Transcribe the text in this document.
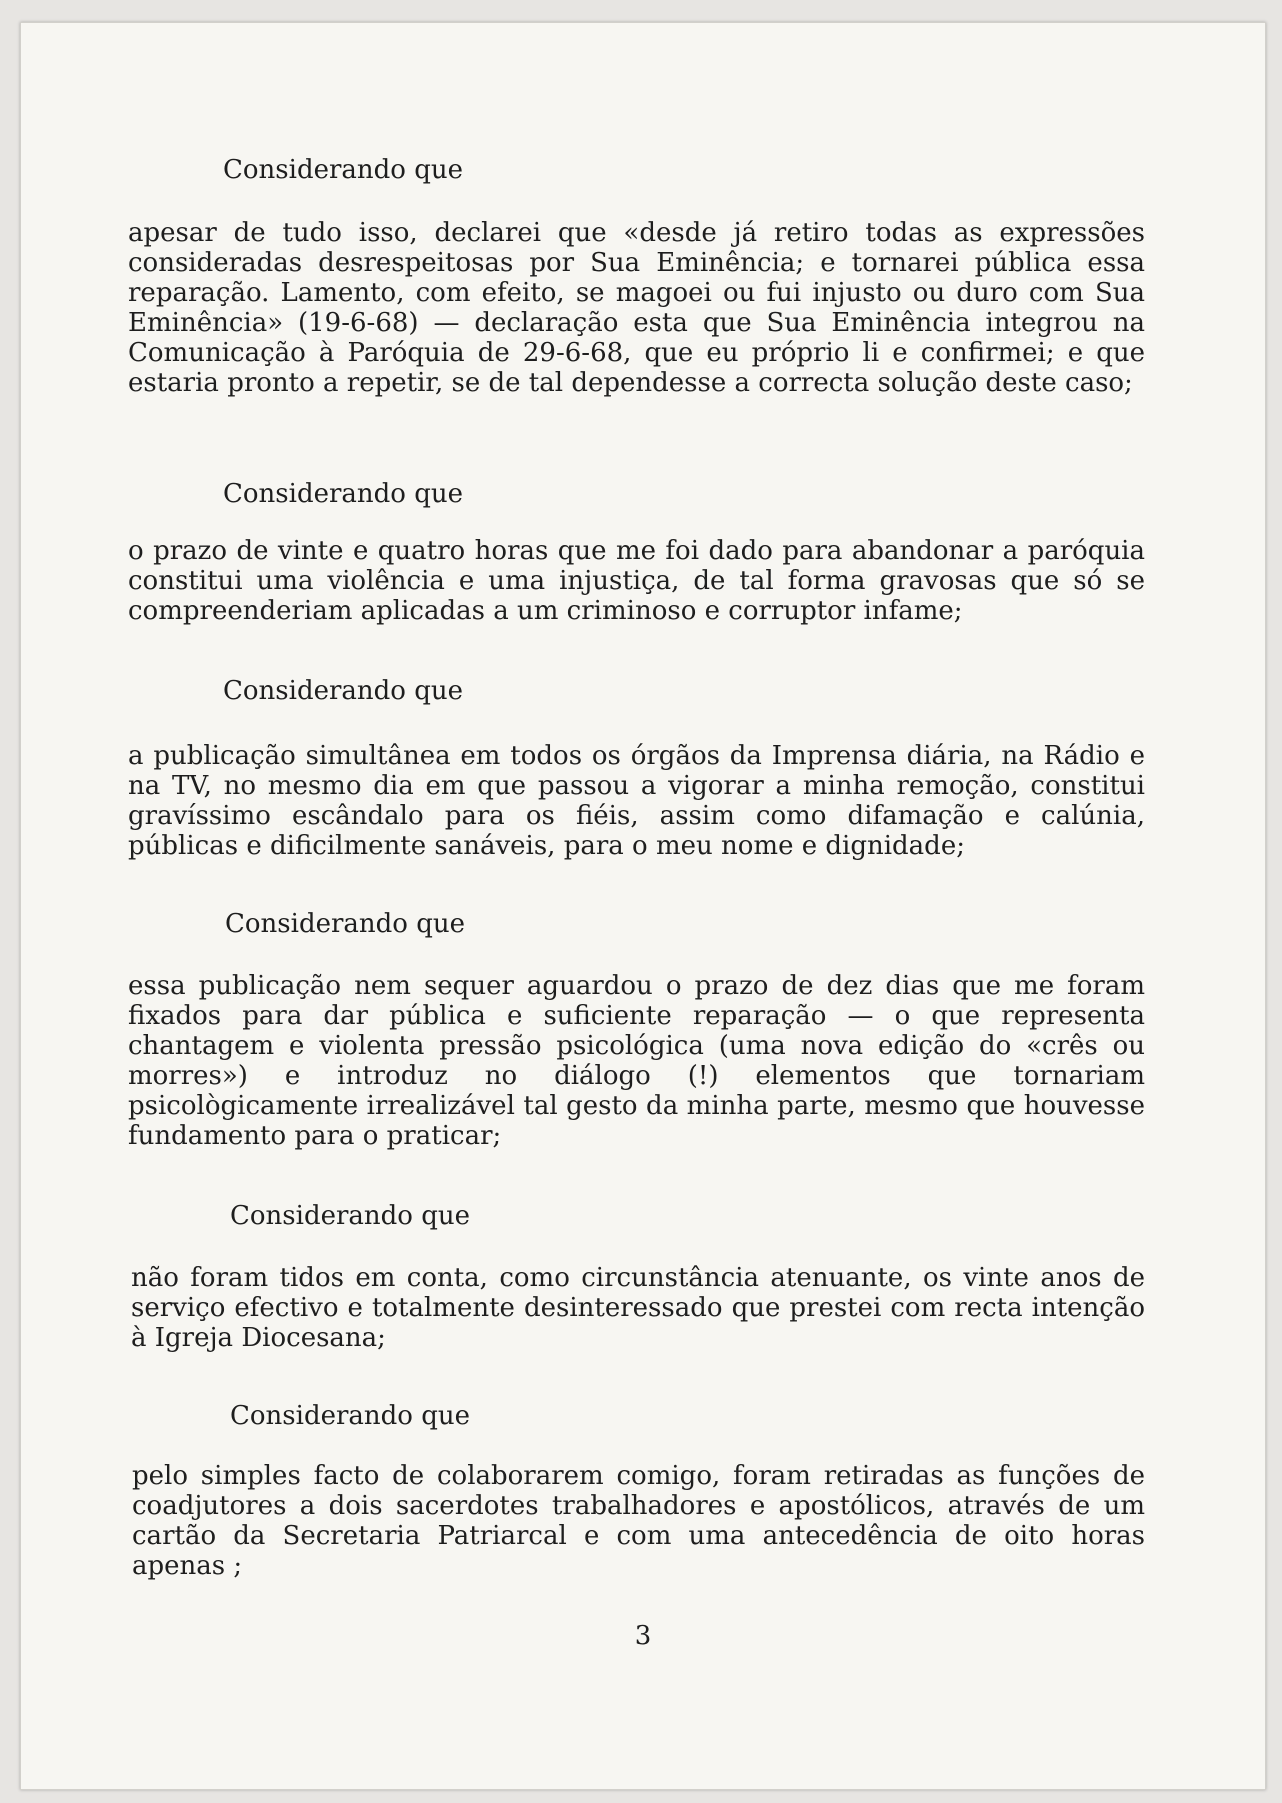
Considerando que

apesar de tudo isso, declarei que «desde já retiro todas as expressões consideradas desrespeitosas por Sua Eminência; e tornarei pública essa reparação. Lamento, com efeito, se magoei ou fui injusto ou duro com Sua Eminência» (19-6-68) — declaração esta que Sua Eminência integrou na Comunicação à Paróquia de 29-6-68, que eu próprio li e confirmei; e que estaria pronto a repetir, se de tal dependesse a correcta solução deste caso;

Considerando que

o prazo de vinte e quatro horas que me foi dado para abandonar a paróquia constitui uma violência e uma injustiça, de tal forma gravosas que só se compreenderiam aplicadas a um criminoso e corruptor infame;

Considerando que

a publicação simultânea em todos os órgãos da Imprensa diária, na Rádio e na TV, no mesmo dia em que passou a vigorar a minha remoção, constitui gravíssimo escândalo para os fiéis, assim como difamação e calúnia, públicas e dificilmente sanáveis, para o meu nome e dignidade;

Considerando que

essa publicação nem sequer aguardou o prazo de dez dias que me foram fixados para dar pública e suficiente reparação — o que representa chantagem e violenta pressão psicológica (uma nova edição do «crês ou morres») e introduz no diálogo (!) elementos que tornariam psicològicamente irrealizável tal gesto da minha parte, mesmo que houvesse fundamento para o praticar;

Considerando que

não foram tidos em conta, como circunstância atenuante, os vinte anos de serviço efectivo e totalmente desinteressado que prestei com recta intenção à Igreja Diocesana;

Considerando que

pelo simples facto de colaborarem comigo, foram retiradas as funções de coadjutores a dois sacerdotes trabalhadores e apostólicos, através de um cartão da Secretaria Patriarcal e com uma antecedência de oito horas apenas ;

3
